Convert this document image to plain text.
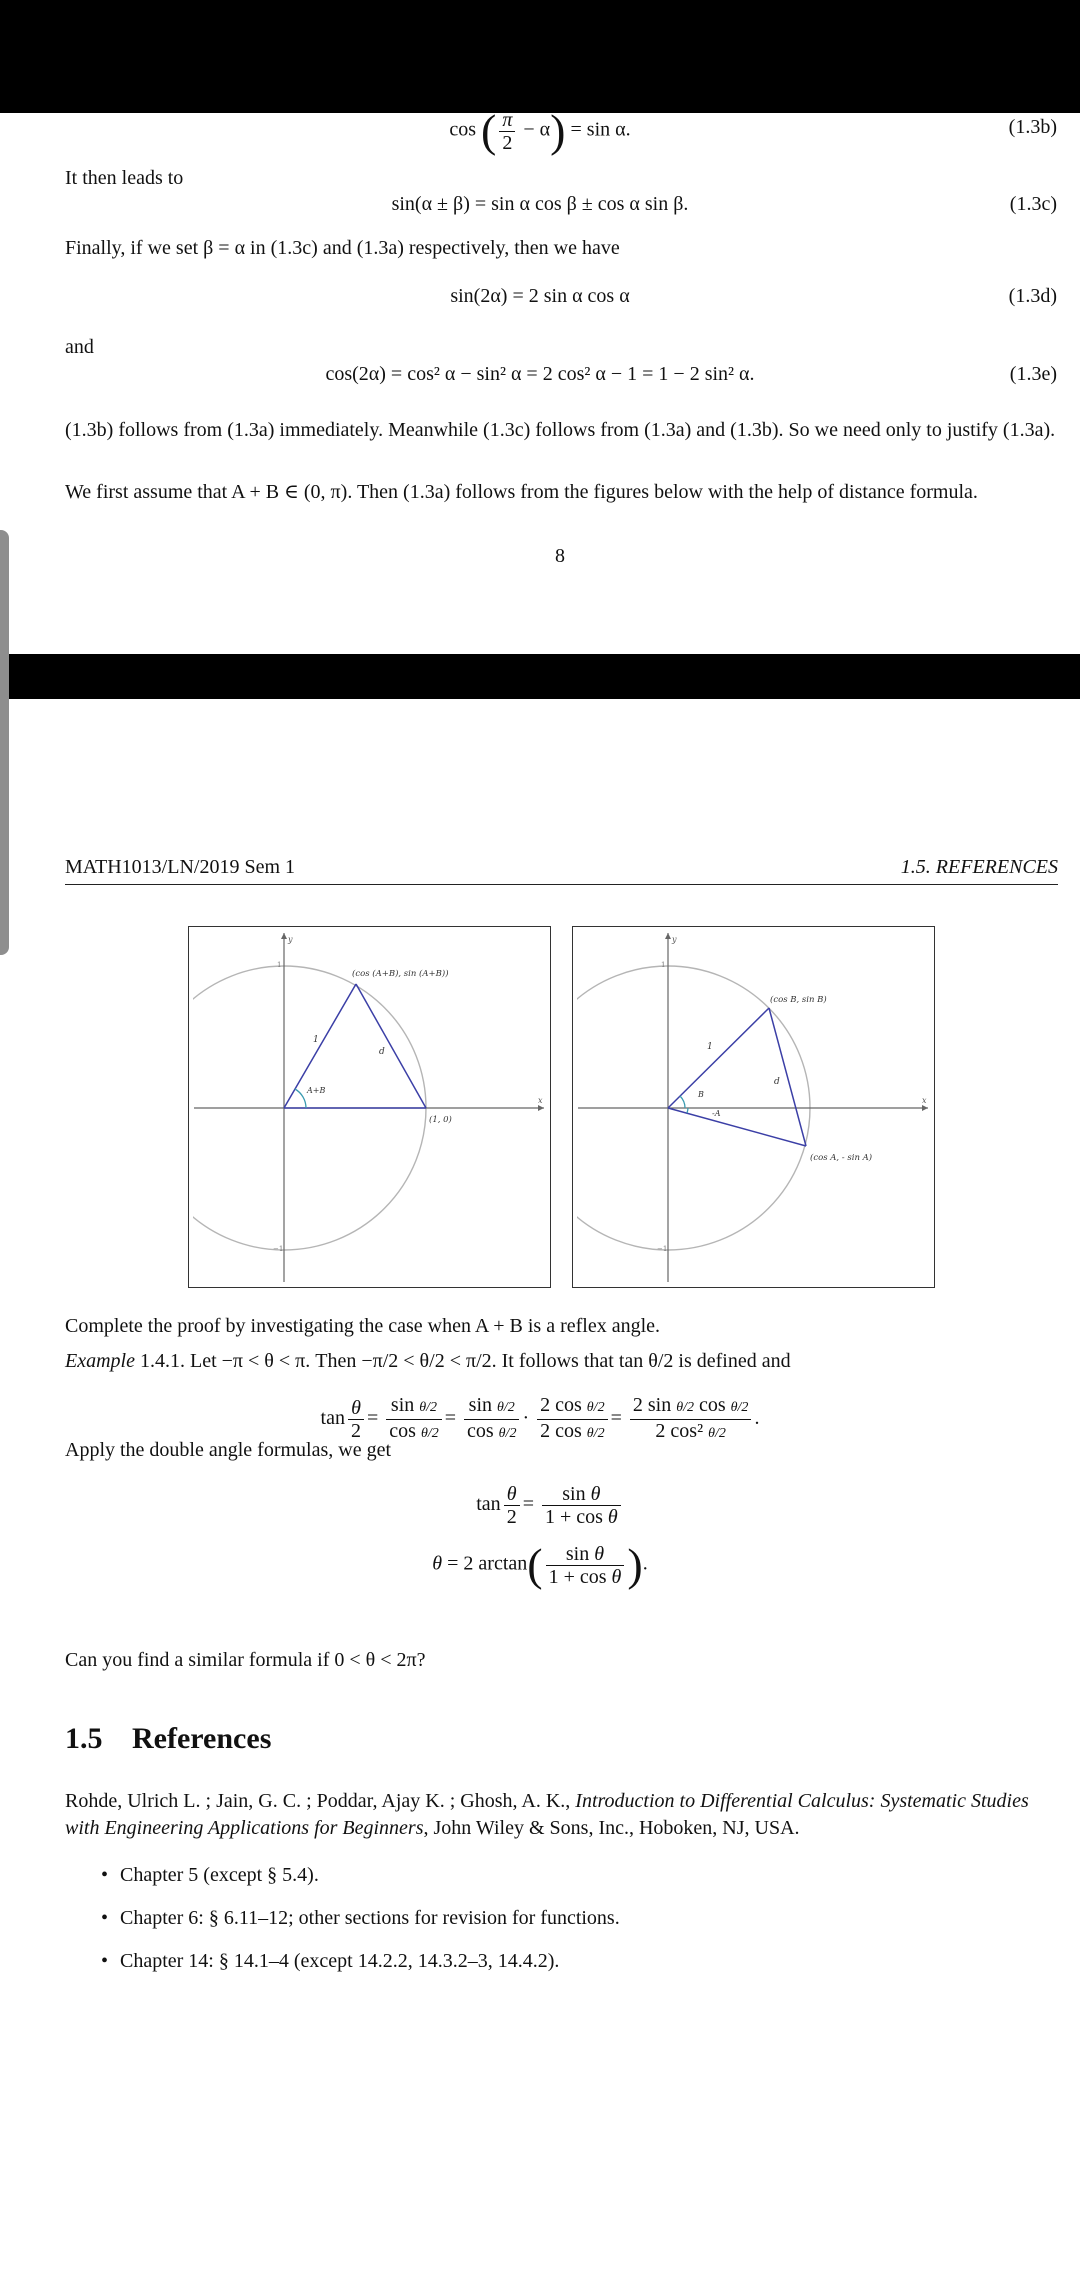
cos ( $\frac{\pi}{2} - \alpha) = \sin \alpha$.	(1.3b)
It then leads to
sin(α ± β) = sin α cos β ± cos α sin β.	(1.3c)
Finally, if we set β = α in (1.3c) and (1.3a) respectively, then we have
sin(2α) = 2 sin α cos α	(1.3d)
and
cos(2α) = cos² α − sin² α = 2 cos² α − 1 = 1 − 2 sin² α.	(1.3e)
(1.3b) follows from (1.3a) immediately. Meanwhile (1.3c) follows from (1.3a) and (1.3b). So we need only to justify (1.3a).
We first assume that A + B ∈ (0, π). Then (1.3a) follows from the figures below with the help of distance formula.
8
MATH1013/LN/2019 Sem 1	1.5. REFERENCES
y
x
1
−1
(cos (A+B), sin (A+B))
(1, 0)
1
d
A+B
y
x
1
−1
(cos B, sin B)
(cos A, - sin A)
1
d
B
-A
Complete the proof by investigating the case when A + B is a reflex angle.
Example 1.4.1. Let −π < θ < π. Then −π/2 < θ/2 < π/2. It follows that tan θ/2 is defined and
$\tan \frac{\theta}{2} = \frac{\text{sin θ/2}}{\text{cos θ/2}} = \frac{\text{sin θ/2}}{\text{cos θ/2}} \cdot \frac{\text{2 cos θ/2}}{\text{2 cos θ/2}} = \frac{\text{2 sin θ/2 cos θ/2}}{\text{2 cos² θ/2}}$ .
Apply the double angle formulas, we get
$\tan \frac{\theta}{2} = \frac{\text{sin θ}}{\text{1 + cos θ}}$
θ = 2 $\arctan( \frac{\text{sin θ}}{\text{1 + cos θ}}$ ).
Can you find a similar formula if 0 < θ < 2π?
1.5 References
Rohde, Ulrich L. ; Jain, G. C. ; Poddar, Ajay K. ; Ghosh, A. K., Introduction to Differential Calculus: Systematic Studies with Engineering Applications for Beginners, John Wiley & Sons, Inc., Hoboken, NJ, USA.
• Chapter 5 (except § 5.4).
• Chapter 6: § 6.11–12; other sections for revision for functions.
• Chapter 14: § 14.1–4 (except 14.2.2, 14.3.2–3, 14.4.2).
